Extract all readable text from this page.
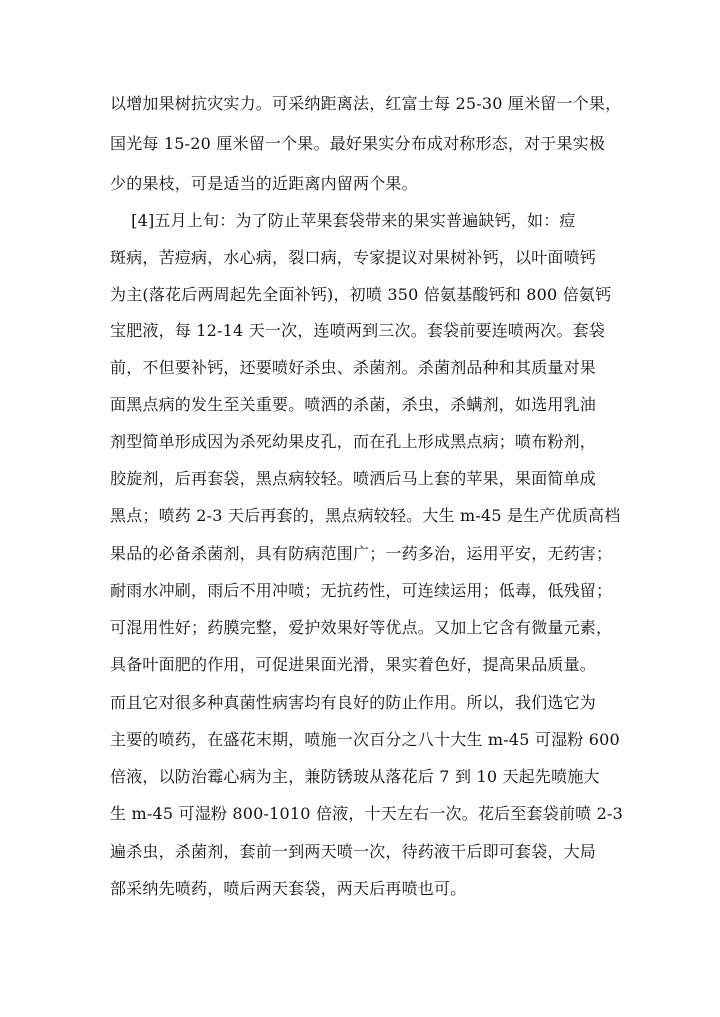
以增加果树抗灾实力。可采纳距离法，红富士每 25-30 厘米留一个果，
国光每 15-20 厘米留一个果。最好果实分布成对称形态，对于果实极
少的果枝，可是适当的近距离内留两个果。
[4]五月上旬：为了防止苹果套袋带来的果实普遍缺钙，如：痘
斑病，苦痘病，水心病，裂口病，专家提议对果树补钙，以叶面喷钙
为主(落花后两周起先全面补钙)，初喷 350 倍氨基酸钙和 800 倍氨钙
宝肥液，每 12-14 天一次，连喷两到三次。套袋前要连喷两次。套袋
前，不但要补钙，还要喷好杀虫、杀菌剂。杀菌剂品种和其质量对果
面黑点病的发生至关重要。喷洒的杀菌，杀虫，杀螨剂，如选用乳油
剂型简单形成因为杀死幼果皮孔，而在孔上形成黑点病；喷布粉剂，
胶旋剂，后再套袋，黑点病较轻。喷洒后马上套的苹果，果面简单成
黑点；喷药 2-3 天后再套的，黑点病较轻。大生 m-45 是生产优质高档
果品的必备杀菌剂，具有防病范围广；一药多治，运用平安，无药害；
耐雨水冲刷，雨后不用冲喷；无抗药性，可连续运用；低毒，低残留；
可混用性好；药膜完整，爱护效果好等优点。又加上它含有微量元素，
具备叶面肥的作用，可促进果面光滑，果实着色好，提高果品质量。
而且它对很多种真菌性病害均有良好的防止作用。所以，我们选它为
主要的喷药，在盛花末期，喷施一次百分之八十大生 m-45 可湿粉 600
倍液，以防治霉心病为主，兼防锈玻从落花后 7 到 10 天起先喷施大
生 m-45 可湿粉 800-1010 倍液，十天左右一次。花后至套袋前喷 2-3
遍杀虫，杀菌剂，套前一到两天喷一次，待药液干后即可套袋，大局
部采纳先喷药，喷后两天套袋，两天后再喷也可。
